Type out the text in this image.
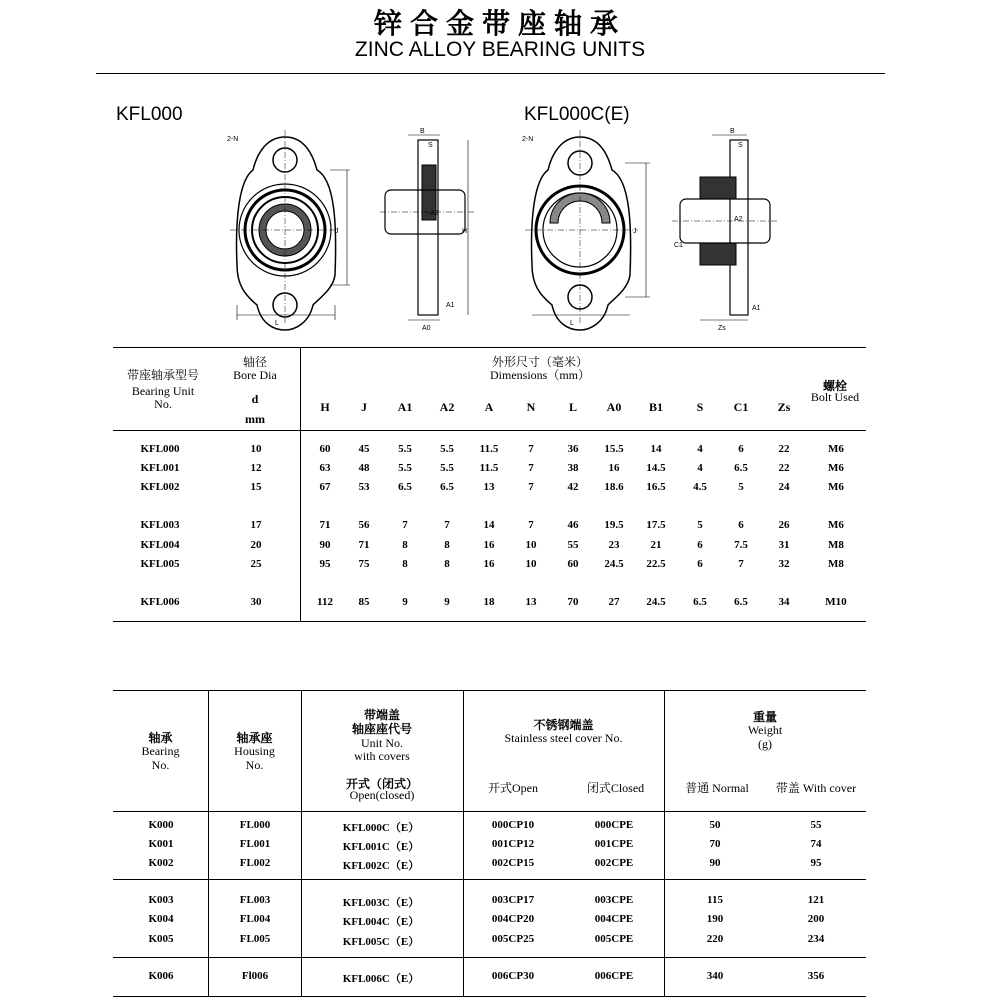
锌合金带座轴承
ZINC ALLOY BEARING UNITS
KFL000	KFL000C(E)
2-N
J
L
B
S
A2
H
A1
A0
2-N
J
L
B
S
A2
C1
A1
Zs
带座轴承型号
Bearing Unit
No.
轴径
Bore Dia
d
mm
外形尺寸（毫米）
Dimensions（mm）
螺栓
Bolt Used
H	J	A1	A2	A	N	L	A0	B1	S	C1	Zs
KFL000	10	60	45	5.5	5.5	11.5	7	36	15.5	14	4	6	22	M6
KFL001	12	63	48	5.5	5.5	11.5	7	38	16	14.5	4	6.5	22	M6
KFL002	15	67	53	6.5	6.5	13	7	42	18.6	16.5	4.5	5	24	M6
KFL003	17	71	56	7	7	14	7	46	19.5	17.5	5	6	26	M6
KFL004	20	90	71	8	8	16	10	55	23	21	6	7.5	31	M8
KFL005	25	95	75	8	8	16	10	60	24.5	22.5	6	7	32	M8
KFL006	30	112	85	9	9	18	13	70	27	24.5	6.5	6.5	34	M10
轴承
Bearing
No.
轴承座
Housing
No.
带端盖
轴座座代号
Unit No.
with covers
开式（闭式）
Open(closed)
不锈钢端盖
Stainless steel cover No.
开式Open	闭式Closed
重量
Weight
(g)
普通 Normal	带盖 With cover
K000	FL000	KFL000C（E）	000CP10	000CPE	50	55
K001	FL001	KFL001C（E）	001CP12	001CPE	70	74
K002	FL002	KFL002C（E）	002CP15	002CPE	90	95
K003	FL003	KFL003C（E）	003CP17	003CPE	115	121
K004	FL004	KFL004C（E）	004CP20	004CPE	190	200
K005	FL005	KFL005C（E）	005CP25	005CPE	220	234
K006	Fl006	KFL006C（E）	006CP30	006CPE	340	356
